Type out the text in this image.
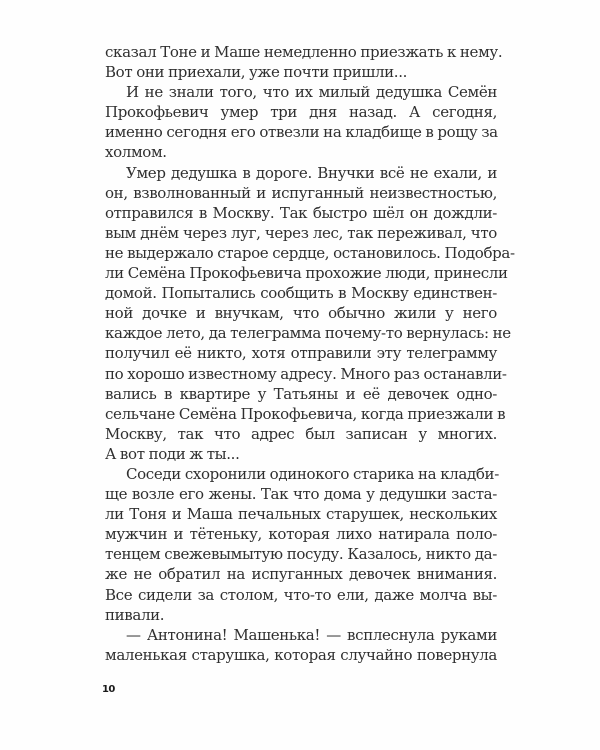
сказал Тоне и Маше немедленно приезжать к нему.
Вот они приехали, уже почти пришли...
И не знали того, что их милый дедушка Семён
Прокофьевич умер три дня назад. А сегодня,
именно сегодня его отвезли на кладбище в рощу за
холмом.
Умер дедушка в дороге. Внучки всё не ехали, и
он, взволнованный и испуганный неизвестностью,
отправился в Москву. Так быстро шёл он дождли-
вым днём через луг, через лес, так переживал, что
не выдержало старое сердце, остановилось. Подобра-
ли Семёна Прокофьевича прохожие люди, принесли
домой. Попытались сообщить в Москву единствен-
ной дочке и внучкам, что обычно жили у него
каждое лето, да телеграмма почему-то вернулась: не
получил её никто, хотя отправили эту телеграмму
по хорошо известному адресу. Много раз останавли-
вались в квартире у Татьяны и её девочек одно-
сельчане Семёна Прокофьевича, когда приезжали в
Москву, так что адрес был записан у многих.
А вот поди ж ты...
Соседи схоронили одинокого старика на кладби-
ще возле его жены. Так что дома у дедушки заста-
ли Тоня и Маша печальных старушек, нескольких
мужчин и тётеньку, которая лихо натирала поло-
тенцем свежевымытую посуду. Казалось, никто да-
же не обратил на испуганных девочек внимания.
Все сидели за столом, что-то ели, даже молча вы-
пивали.
— Антонина! Машенька! — всплеснула руками
маленькая старушка, которая случайно повернула
10
